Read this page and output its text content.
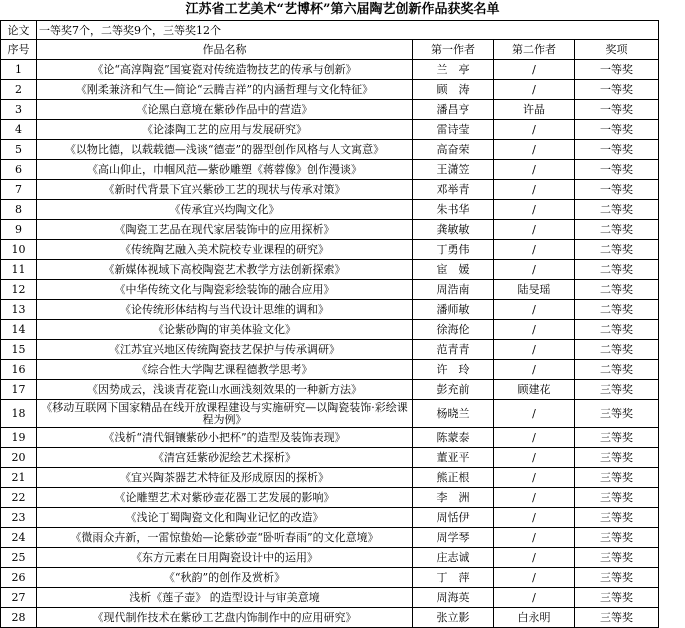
江苏省工艺美术“艺博杯”第六届陶艺创新作品获奖名单
论文	一等奖7个，二等奖9个，三等奖12个			
序号	作品名称	第一作者	第二作者	奖项
1	《论“高淳陶瓷”国宴瓷对传统造物技艺的传承与创新》	兰　亭	/	一等奖
2	《刚柔兼济和气生—简论“云腾吉祥”的内涵哲理与文化特征》	顾　涛	/	一等奖
3	《论黑白意境在紫砂作品中的营造》	潘昌亨	许晶	一等奖
4	《论漆陶工艺的应用与发展研究》	雷诗莹	/	一等奖
5	《以物比德，以载载德—浅谈“德壶”的器型创作风格与人文寓意》	高奋荣	/	一等奖
6	《高山仰止，巾帼风范—紫砂雕塑《蒋蓉像》创作漫谈》	王潇笠	/	一等奖
7	《新时代背景下宜兴紫砂工艺的现状与传承对策》	邓举青	/	一等奖
8	《传承宜兴均陶文化》	朱书华	/	二等奖
9	《陶瓷工艺品在现代家居装饰中的应用探析》	龚敏敏	/	二等奖
10	《传统陶艺融入美术院校专业课程的研究》	丁勇伟	/	二等奖
11	《新媒体视域下高校陶瓷艺术教学方法创新探索》	宦　媛	/	二等奖
12	《中华传统文化与陶瓷彩绘装饰的融合应用》	周浩南	陆旻瑶	二等奖
13	《论传统形体结构与当代设计思维的调和》	潘师敏	/	二等奖
14	《论紫砂陶的审美体验文化》	徐海伦	/	二等奖
15	《江苏宜兴地区传统陶瓷技艺保护与传承调研》	范青青	/	二等奖
16	《综合性大学陶艺课程德教学思考》	许　玲	/	二等奖
17	《因势成云，浅谈青花瓷山水画浅刻效果的一种新方法》	彭充前	顾建花	三等奖
18	《移动互联网下国家精品在线开放课程建设与实施研究—以陶瓷装饰·彩绘课程为例》	杨晓兰	/	三等奖
19	《浅析“清代铜镶紫砂小把杯”的造型及装饰表现》	陈蒙泰	/	三等奖
20	《清宫廷紫砂泥绘艺术探析》	董亚平	/	三等奖
21	《宜兴陶茶器艺术特征及形成原因的探析》	熊正根	/	三等奖
22	《论雕塑艺术对紫砂壶花器工艺发展的影响》	李　洲	/	三等奖
23	《浅论丁蜀陶瓷文化和陶业记忆的改造》	周恬伊	/	三等奖
24	《微雨众卉新，一雷惊蛰始—论紫砂壶“卧听春雨”的文化意境》	周学琴	/	三等奖
25	《东方元素在日用陶瓷设计中的运用》	庄志诚	/	三等奖
26	《“秋韵”的创作及赏析》	丁　萍	/	三等奖
27	浅析《莲子壶》 的造型设计与审美意境	周海英	/	三等奖
28	《现代制作技术在紫砂工艺盘内饰制作中的应用研究》	张立影	白永明	三等奖
